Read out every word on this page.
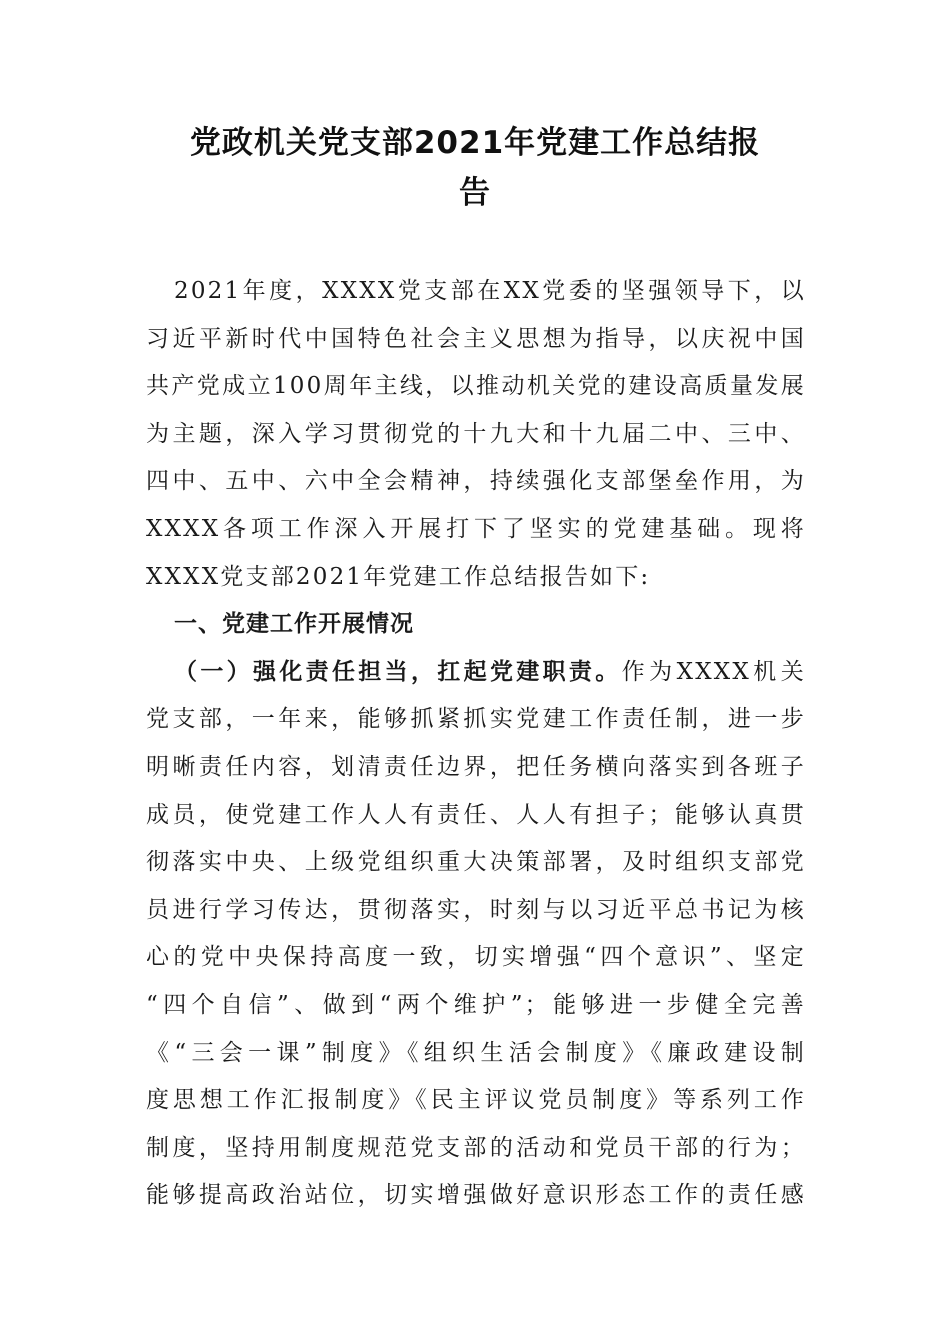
党政机关党支部2021年党建工作总结报
告
2021年度，XXXX党支部在XX党委的坚强领导下，以
习近平新时代中国特色社会主义思想为指导，以庆祝中国
共产党成立100周年主线，以推动机关党的建设高质量发展
为主题，深入学习贯彻党的十九大和十九届二中、三中、
四中、五中、六中全会精神，持续强化支部堡垒作用，为
XXXX各项工作深入开展打下了坚实的党建基础。现将
XXXX党支部2021年党建工作总结报告如下:
一、党建工作开展情况
（一）强化责任担当，扛起党建职责。作为XXXX机关
党支部，一年来，能够抓紧抓实党建工作责任制，进一步
明晰责任内容，划清责任边界，把任务横向落实到各班子
成员，使党建工作人人有责任、人人有担子；能够认真贯
彻落实中央、上级党组织重大决策部署，及时组织支部党
员进行学习传达，贯彻落实，时刻与以习近平总书记为核
心的党中央保持高度一致，切实增强“四个意识”、坚定
“四个自信”、做到“两个维护”；能够进一步健全完善
《“三会一课”制度》《组织生活会制度》《廉政建设制
度思想工作汇报制度》《民主评议党员制度》等系列工作
制度，坚持用制度规范党支部的活动和党员干部的行为；
能够提高政治站位，切实增强做好意识形态工作的责任感
